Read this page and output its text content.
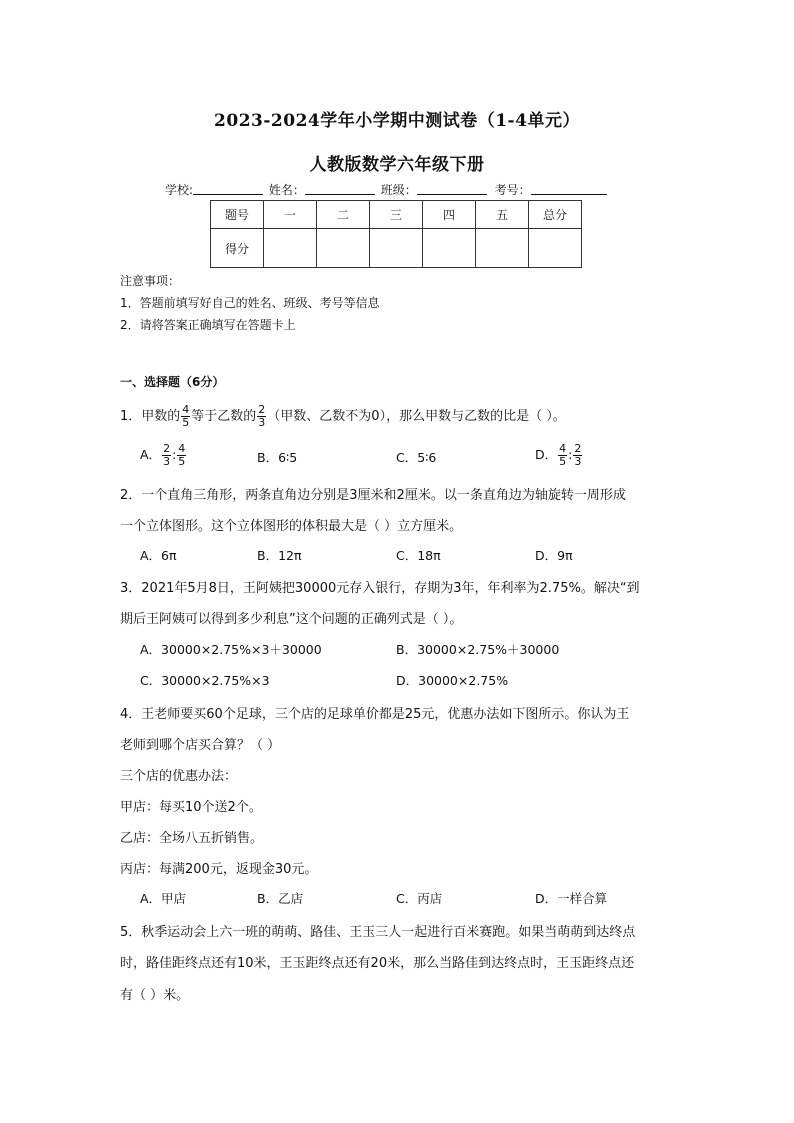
2023-2024学年小学期中测试卷（1-4单元）
人教版数学六年级下册
学校:	姓名：	班级：	考号：
题号	一	二	三	四	五	总分
得分						
注意事项：
1．答题前填写好自己的姓名、班级、考号等信息
2．请将答案正确填写在答题卡上
一、选择题（6分）
1．甲数的 $\frac{4}{5}$ 等于乙数的 $\frac{2}{3}$ （甲数、乙数不为0），那么甲数与乙数的比是（ ）。
A． $\frac{2}{3}$ : $\frac{4}{5}$	B．6∶5	C．5∶6	D． $\frac{4}{5}$ : $\frac{2}{3}$
2．一个直角三角形，两条直角边分别是3厘米和2厘米。以一条直角边为轴旋转一周形成
一个立体图形。这个立体图形的体积最大是（ ）立方厘米。
A．6π	B．12π	C．18π	D．9π
3．2021年5月8日，王阿姨把30000元存入银行，存期为3年，年利率为2.75%。解决“到
期后王阿姨可以得到多少利息”这个问题的正确列式是（ ）。
A．30000×2.75%×3＋30000	B．30000×2.75%＋30000
C．30000×2.75%×3	D．30000×2.75%
4．王老师要买60个足球，三个店的足球单价都是25元，优惠办法如下图所示。你认为王
老师到哪个店买合算？（ ）
三个店的优惠办法：
甲店：每买10个送2个。
乙店：全场八五折销售。
丙店：每满200元，返现金30元。
A．甲店	B．乙店	C．丙店	D．一样合算
5．秋季运动会上六一班的萌萌、路佳、王玉三人一起进行百米赛跑。如果当萌萌到达终点
时，路佳距终点还有10米，王玉距终点还有20米，那么当路佳到达终点时，王玉距终点还
有（ ）米。
